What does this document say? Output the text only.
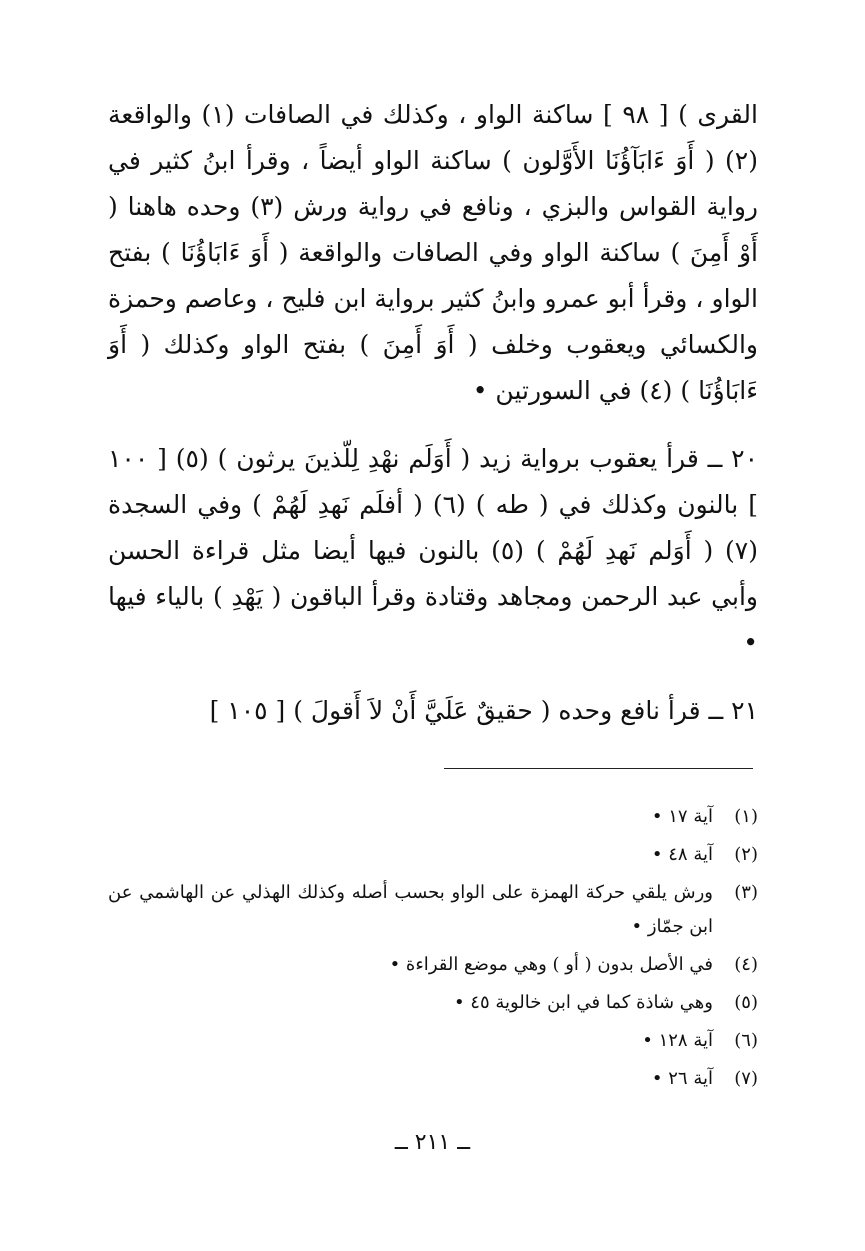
القرى ) [ ٩٨ ] ساكنة الواو ، وكذلك في الصافات (١) والواقعة (٢) ( أَوَ ءَابَآؤُنَا الأَوَّلون ) ساكنة الواو أيضاً ، وقرأ ابنُ كثير في رواية القواس والبزي ، ونافع في رواية ورش (٣) وحده هاهنا ( أَوْ أَمِنَ ) ساكنة الواو وفي الصافات والواقعة ( أَوَ ءَابَاؤُنَا ) بفتح الواو ، وقرأ أبو عمرو وابنُ كثير برواية ابن فليح ، وعاصم وحمزة والكسائي ويعقوب وخلف ( أَوَ أَمِنَ ) بفتح الواو وكذلك ( أَوَ ءَابَاؤُنَا ) (٤) في السورتين •

٢٠ ــ قرأ يعقوب برواية زيد ( أَوَلَم نهْدِ لِلّذينَ يرثون ) (٥) [ ١٠٠ ] بالنون وكذلك في ( طه ) (٦) ( أفلَم نَهدِ لَهُمْ ) وفي السجدة (٧) ( أَوَلم نَهدِ لَهُمْ ) (٥) بالنون فيها أيضا مثل قراءة الحسن وأبي عبد الرحمن ومجاهد وقتادة وقرأ الباقون ( يَهْدِ ) بالياء فيها •

٢١ ــ قرأ نافع وحده ( حقيقٌ عَلَيَّ أَنْ لاَ أَقولَ ) [ ١٠٥ ]

(١)
آية ١٧ •
(٢)
آية ٤٨ •
(٣)
ورش يلقي حركة الهمزة على الواو بحسب أصله وكذلك الهذلي عن الهاشمي عن ابن جمّاز •
(٤)
في الأصل بدون ( أو ) وهي موضع القراءة •
(٥)
وهي شاذة كما في ابن خالوية ٤٥ •
(٦)
آية ١٢٨ •
(٧)
آية ٢٦ •
ــ ٢١١ ــ
